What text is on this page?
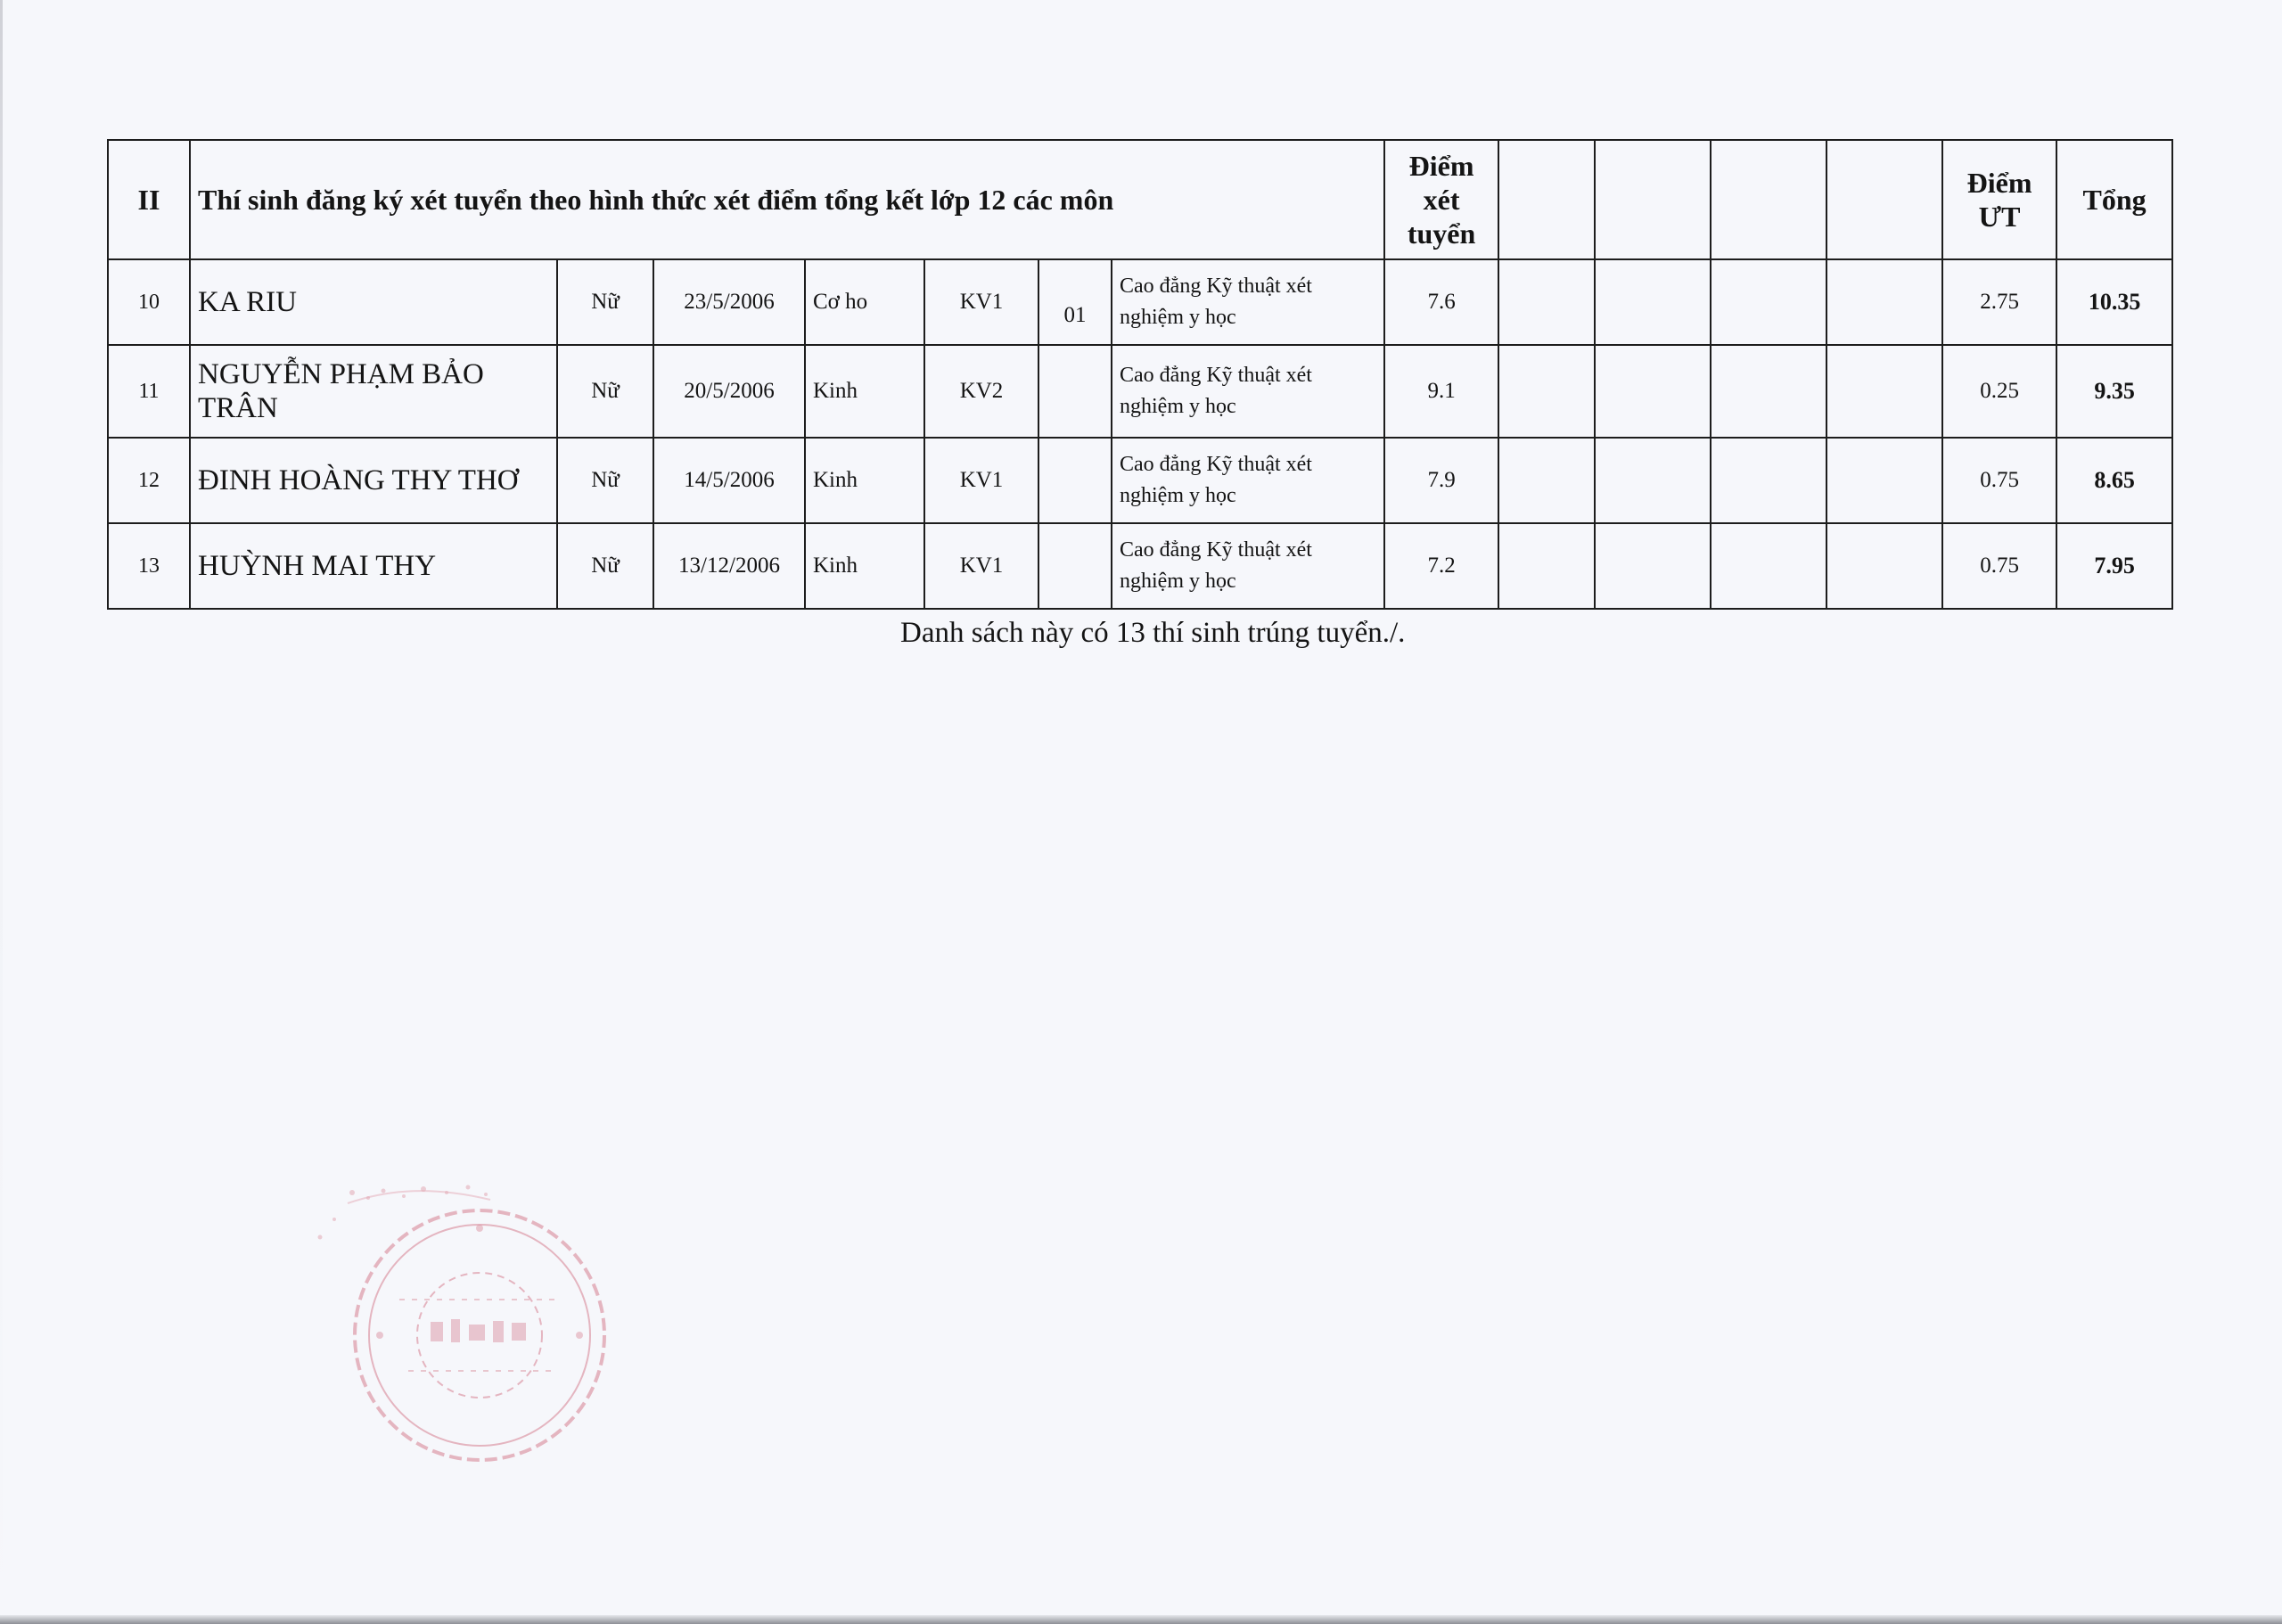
II	Thí sinh đăng ký xét tuyển theo hình thức xét điểm tổng kết lớp 12 các môn							Điểm xét tuyển					Điểm ƯT	Tổng
10	KA RIU	Nữ	23/5/2006	Cơ ho	KV1	01	Cao đẳng Kỹ thuật xét nghiệm y học	7.6					2.75	10.35
11	NGUYỄN PHẠM BẢO TRÂN	Nữ	20/5/2006	Kinh	KV2		Cao đẳng Kỹ thuật xét nghiệm y học	9.1					0.25	9.35
12	ĐINH HOÀNG THY THƠ	Nữ	14/5/2006	Kinh	KV1		Cao đẳng Kỹ thuật xét nghiệm y học	7.9					0.75	8.65
13	HUỲNH MAI THY	Nữ	13/12/2006	Kinh	KV1		Cao đẳng Kỹ thuật xét nghiệm y học	7.2					0.75	7.95
Danh sách này có 13 thí sinh trúng tuyển./.
